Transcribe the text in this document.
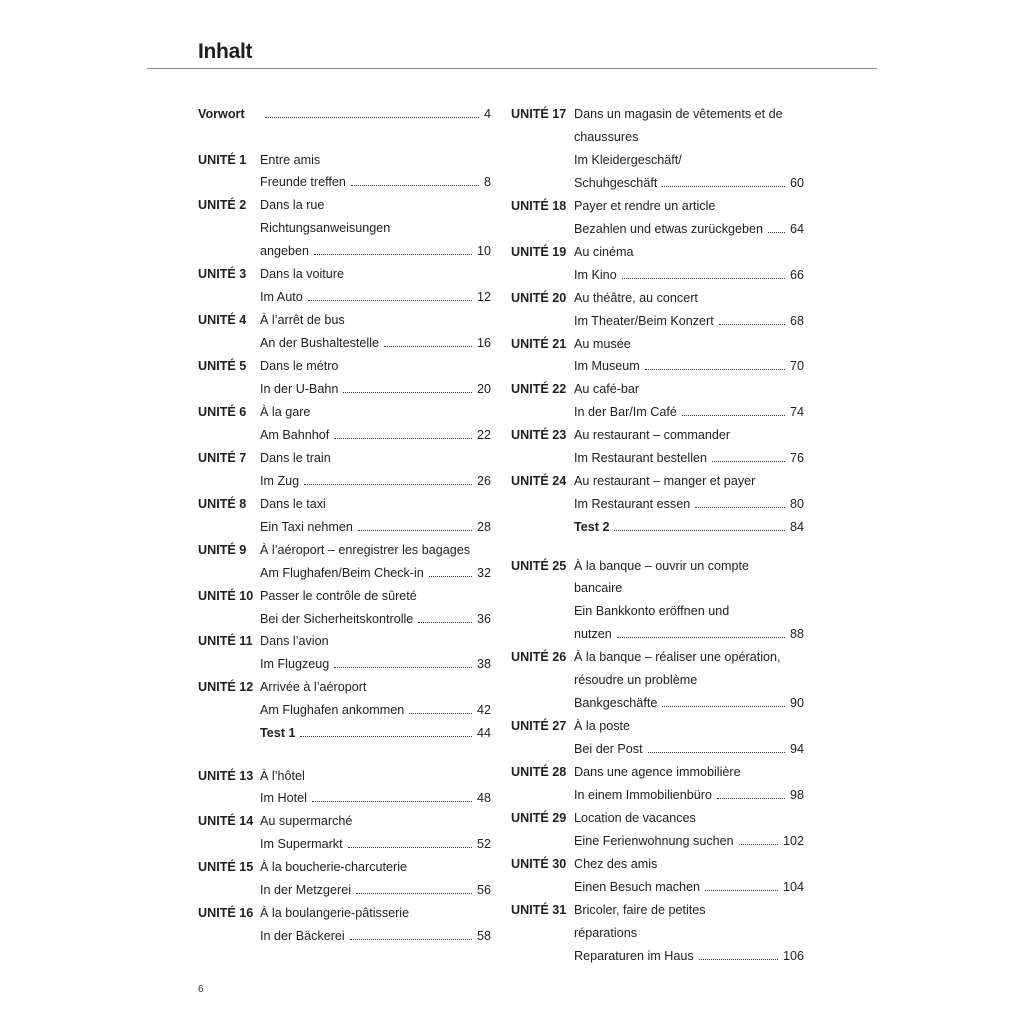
Inhalt
Vorwort	4
UNITÉ 1 Entre amis
Freunde treffen	8
UNITÉ 2 Dans la rue
Richtungsanweisungen
angeben	10
UNITÉ 3 Dans la voiture
Im Auto	12
UNITÉ 4 À l’arrêt de bus
An der Bushaltestelle	16
UNITÉ 5 Dans le métro
In der U-Bahn	20
UNITÉ 6 À la gare
Am Bahnhof	22
UNITÉ 7 Dans le train
Im Zug	26
UNITÉ 8 Dans le taxi
Ein Taxi nehmen	28
UNITÉ 9 À l’aéroport – enregistrer les bagages
Am Flughafen/Beim Check-in	32
UNITÉ 10 Passer le contrôle de sûreté
Bei der Sicherheitskontrolle	36
UNITÉ 11 Dans l’avion
Im Flugzeug	38
UNITÉ 12 Arrivée à l’aéroport
Am Flughafen ankommen	42
Test 1	44
UNITÉ 13 À l’hôtel
Im Hotel	48
UNITÉ 14 Au supermarché
Im Supermarkt	52
UNITÉ 15 À la boucherie-charcuterie
In der Metzgerei	56
UNITÉ 16 À la boulangerie-pâtisserie
In der Bäckerei	58
UNITÉ 17 Dans un magasin de vêtements et de
chaussures
Im Kleidergeschäft/
Schuhgeschäft	60
UNITÉ 18 Payer et rendre un article
Bezahlen und etwas zurückgeben 64
UNITÉ 19 Au cinéma
Im Kino	66
UNITÉ 20 Au théâtre, au concert
Im Theater/Beim Konzert	68
UNITÉ 21 Au musée
Im Museum	70
UNITÉ 22 Au café-bar
In der Bar/Im Café	74
UNITÉ 23 Au restaurant – commander
Im Restaurant bestellen	76
UNITÉ 24 Au restaurant – manger et payer
Im Restaurant essen	80
Test 2	84
UNITÉ 25 À la banque – ouvrir un compte
bancaire
Ein Bankkonto eröffnen und
nutzen	88
UNITÉ 26 À la banque – réaliser une opération,
résoudre un problème
Bankgeschäfte	90
UNITÉ 27 À la poste
Bei der Post	94
UNITÉ 28 Dans une agence immobilière
In einem Immobilienbüro	98
UNITÉ 29 Location de vacances
Eine Ferienwohnung suchen	102
UNITÉ 30 Chez des amis
Einen Besuch machen	104
UNITÉ 31 Bricoler, faire de petites
réparations
Reparaturen im Haus	106
6
